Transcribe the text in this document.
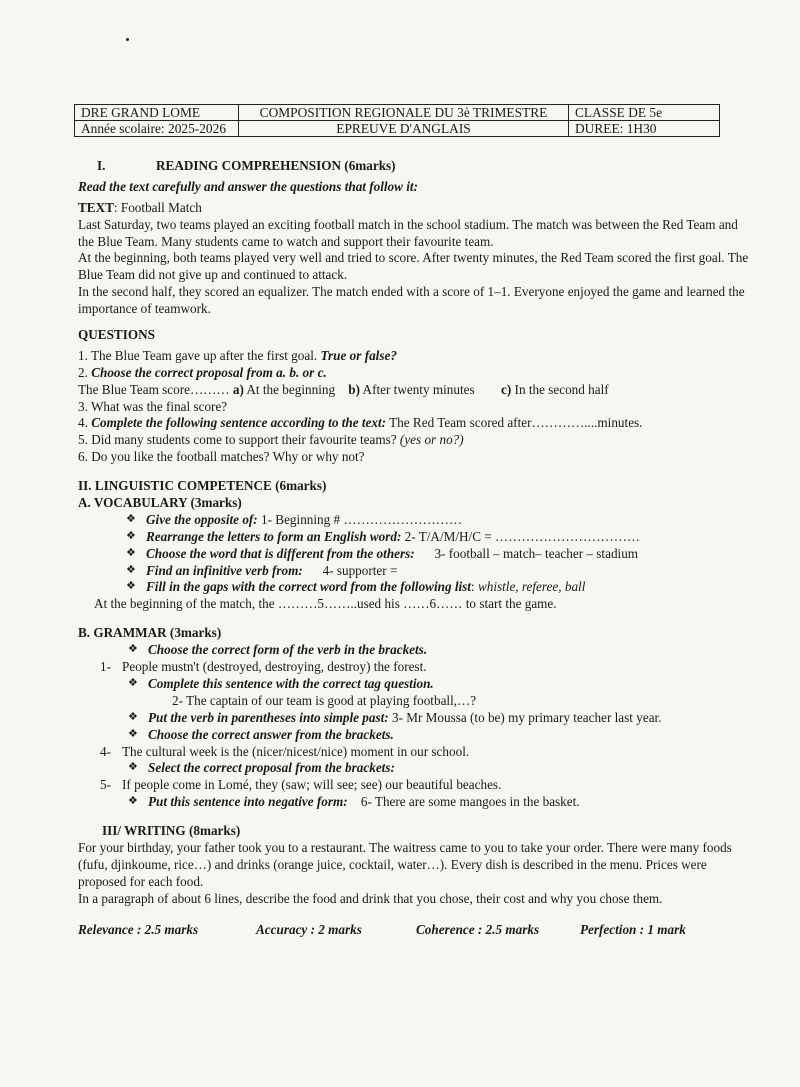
DRE GRAND LOME	COMPOSITION REGIONALE DU 3è TRIMESTRE	CLASSE DE 5e
Année scolaire: 2025-2026	EPREUVE D'ANGLAIS	DUREE: 1H30

I.	READING COMPREHENSION (6marks)

Read the text carefully and answer the questions that follow it:

TEXT: Football Match

Last Saturday, two teams played an exciting football match in the school stadium. The match was between the Red Team and the Blue Team. Many students came to watch and support their favourite team.

At the beginning, both teams played very well and tried to score. After twenty minutes, the Red Team scored the first goal. The Blue Team did not give up and continued to attack.

In the second half, they scored an equalizer. The match ended with a score of 1–1. Everyone enjoyed the game and learned the importance of teamwork.

QUESTIONS

1. The Blue Team gave up after the first goal. True or false?

2. Choose the correct proposal from a. b. or c.

The Blue Team score……… a) At the beginning    b) After twenty minutes        c) In the second half

3. What was the final score?

4. Complete the following sentence according to the text: The Red Team scored after…………....minutes.

5. Did many students come to support their favourite teams? (yes or no?)

6. Do you like the football matches? Why or why not?

II. LINGUISTIC COMPETENCE (6marks)

A. VOCABULARY (3marks)

❖ Give the opposite of: 1- Beginning # ………………………

❖ Rearrange the letters to form an English word: 2- T/A/M/H/C = ……………………………

❖ Choose the word that is different from the others:      3- football – match– teacher – stadium

❖ Find an infinitive verb from:      4- supporter =

❖ Fill in the gaps with the correct word from the following list: whistle, referee, ball

At the beginning of the match, the ………5……..used his ……6…… to start the game.

B. GRAMMAR (3marks)

❖ Choose the correct form of the verb in the brackets.

1- People mustn't (destroyed, destroying, destroy) the forest.

❖ Complete this sentence with the correct tag question.

2- The captain of our team is good at playing football,…?

❖ Put the verb in parentheses into simple past: 3- Mr Moussa (to be) my primary teacher last year.

❖ Choose the correct answer from the brackets.

4- The cultural week is the (nicer/nicest/nice) moment in our school.

❖ Select the correct proposal from the brackets:

5- If people come in Lomé, they (saw; will see; see) our beautiful beaches.

❖ Put this sentence into negative form:    6- There are some mangoes in the basket.

III/ WRITING (8marks)

For your birthday, your father took you to a restaurant. The waitress came to you to take your order. There were many foods (fufu, djinkoume, rice…) and drinks (orange juice, cocktail, water…). Every dish is described in the menu. Prices were proposed for each food.

In a paragraph of about 6 lines, describe the food and drink that you chose, their cost and why you chose them.

Relevance : 2.5 marks	Accuracy : 2 marks	Coherence : 2.5 marks	Perfection : 1 mark
